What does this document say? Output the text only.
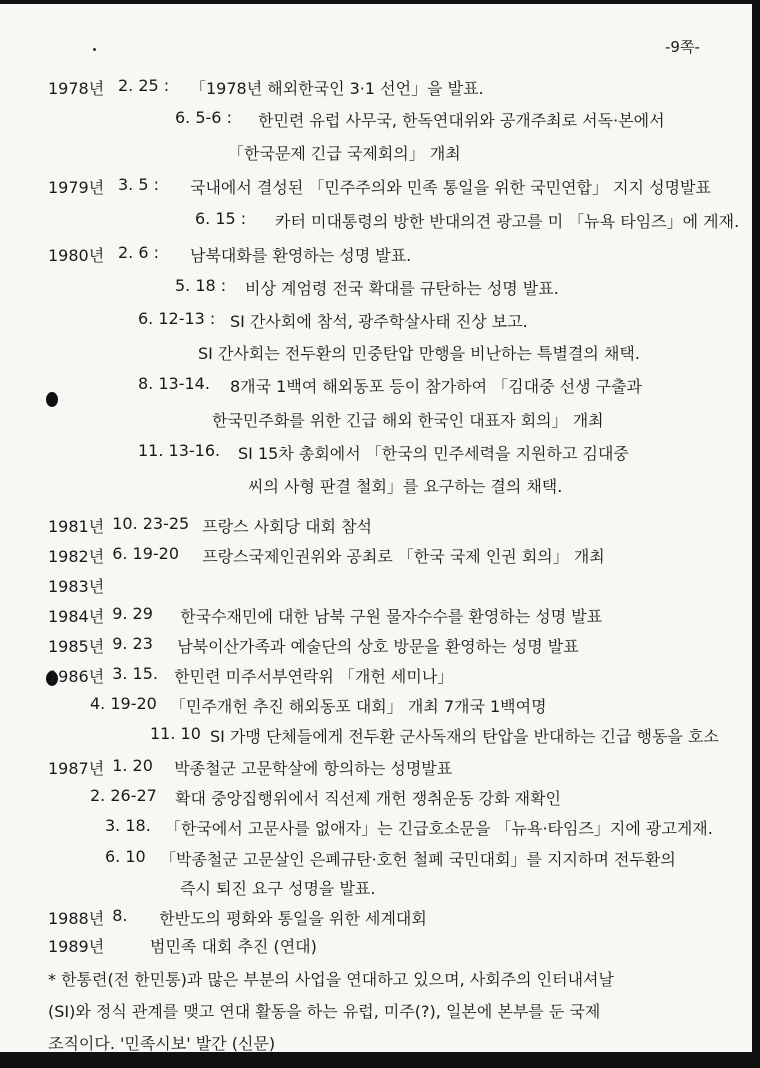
-9쪽-
1978년 2. 25 :	「1978년 해외한국인 3·1 선언」을 발표.
6. 5-6 :	한민련 유럽 사무국, 한독연대위와 공개주최로 서독·본에서
「한국문제 긴급 국제회의」 개최
1979년 3. 5 :	국내에서 결성된 「민주주의와 민족 통일을 위한 국민연합」 지지 성명발표
6. 15 :	카터 미대통령의 방한 반대의견 광고를 미 「뉴욕 타임즈」에 게재.
1980년 2. 6 :	남북대화를 환영하는 성명 발표.
5. 18 :	비상 계엄령 전국 확대를 규탄하는 성명 발표.
6. 12-13 : SI 간사회에 참석, 광주학살사태 진상 보고.
SI 간사회는 전두환의 민중탄압 만행을 비난하는 특별결의 채택.
8. 13-14.	8개국 1백여 해외동포 등이 참가하여 「김대중 선생 구출과
한국민주화를 위한 긴급 해외 한국인 대표자 회의」 개최
11. 13-16.	SI 15차 총회에서 「한국의 민주세력을 지원하고 김대중
씨의 사형 판결 철회」를 요구하는 결의 채택.
1981년 10. 23-25 프랑스 사회당 대회 참석
1982년 6. 19-20	프랑스국제인권위와 공최로 「한국 국제 인권 회의」 개최
1983년
1984년 9. 29	한국수재민에 대한 남북 구원 물자수수를 환영하는 성명 발표
1985년 9. 23	남북이산가족과 예술단의 상호 방문을 환영하는 성명 발표
1986년 3. 15.	한민련 미주서부연락위 「개헌 세미나」
4. 19-20 「민주개헌 추진 해외동포 대회」 개최 7개국 1백여명
11. 10 SI 가맹 단체들에게 전두환 군사독재의 탄압을 반대하는 긴급 행동을 호소
1987년 1. 20	박종철군 고문학살에 항의하는 성명발표
2. 26-27	확대 중앙집행위에서 직선제 개헌 쟁취운동 강화 재확인
3. 18. 「한국에서 고문사를 없애자」는 긴급호소문을 「뉴욕·타임즈」지에 광고게재.
6. 10 「박종철군 고문살인 은폐규탄·호헌 철폐 국민대회」를 지지하며 전두환의
즉시 퇴진 요구 성명을 발표.
1988년 8.	한반도의 평화와 통일을 위한 세계대회
1989년	범민족 대회 추진 (연대)
* 한통련(전 한민통)과 많은 부분의 사업을 연대하고 있으며, 사회주의 인터내셔날
(SI)와 정식 관계를 맺고 연대 활동을 하는 유럽, 미주(?), 일본에 본부를 둔 국제
조직이다. '민족시보' 발간 (신문)
